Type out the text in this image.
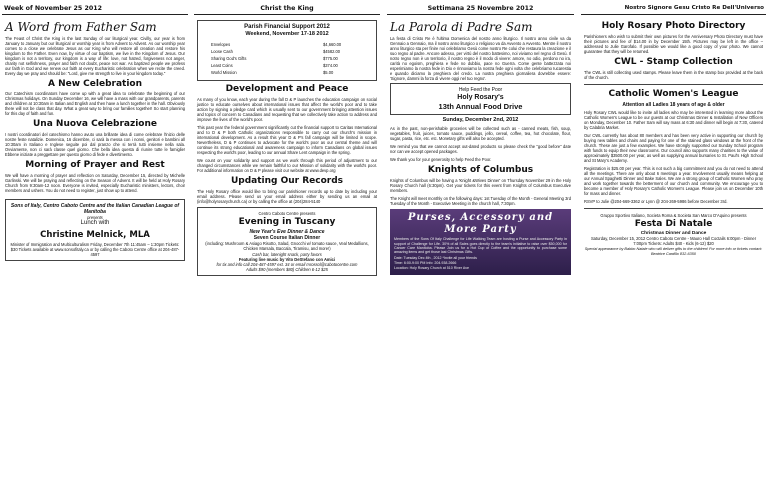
Week of November 25 2012
A Word from Father Sam

The Feast of Christ the King is the last Sunday of our liturgical year. Civilly, our year is from January to January but our liturgical or worship year is from Advent to Advent. As our worship year comes to a close we celebrate Jesus as our King who will restore all creation and restore his kingdom to the Father. Even now, by virtue of our baptism, we live in the Kingdom of Jesus. Our kingdom is not a territory, our kingdom is a way of life: love, not hatred, forgiveness not anger, charity not selfishness, prayer and faith not doubt, peace not war. As baptized people we profess our faith in God and we renew our faith at every Eucharistic celebration when we recite the creed. Every day we pray and should be: "Lord, give me strength to live in your kingdom today."

A New Celebration

Our Catechism coordinators have come up with a great idea to celebrate the beginning of our Christmas holidays. On Sunday December 16, we will have a mass with our grandparents, parents and children at 10:30am in Italian and English and then have a lunch together in the hall. Obviously there will not be class that day. What a great way to bring our families together! So start planning for this day of faith and fun.

Una Nuova Celebrazione

I nostri coordinatori del catechismo hanno avuto una brillante idea di come celebrare l'inizio delle nostre feste natalizie. Domenica, 16 dicembre, ci sarà la messa con i nonni, genitori e bambini all 10:30am in Italiano e Inglese seguite poi dal pranzo che si terrà tutti insieme nella sala. Ovviamente, non ci sarà classe quel giorno. Che bella idea questa di riunire tutte le famiglie! Ebbene iniziate a preggettare per questo giorno di fede e divertimento.

Morning of Prayer and Rest

We will have a morning of prayer and reflection on Saturday, December 15, directed by Michelle Garlinski. We will be praying and reflecting on the Season of Advent. It will be held at Holy Rosary Church from 9:30am-12 noon. Everyone is invited, especially Eucharistic ministers, lectors, choir members and ushers. You do not need to register, just show up to attend.

Sons of Italy, Centro Caboto Centre and the Italian Canadian League of Manitoba
presents
Lunch with
Christine Melnick, MLA
Minister of Immigration and Multiculturalism Friday, December 7th 11:45am – 1:30pm Tickets: $30 Tickets available at www.sonsofitaly.ca or by calling the Caboto Centre office at 204-487-4597
Christ the King
Parish Financial Support 2012
Weekend, November 17-18 2012
Envelopes	$4,660.00
Loose Cash	$4582.00
Sharing God's Gifts	$775.00
Least Coins	$374.00
World Mission	$5.00
Development and Peace

As many of you know, each year during the fall D & P launches the education campaign on social justice to educate ourselves about international issues that affect the world's poor and to take action by signing a pledge card which is usually sent to our government bringing attention issues and topics of concern to Canadians and requesting that we collectively take action to address and improve the lives of the world's poor.

This past year the federal government significantly cut the financial support to Caritas International and to D & P both Catholic organizations responsible to carry out our church's mission in international development. As a result this year D & P's fall campaign will be limited in scope. Nevertheless, D & P continues to advocate for the world's poor as our central theme and will continue its strong educational and awareness campaign to inform Canadians on global issues respecting the world's poor, leading to our annual Share Lent campaign in the spring.

We count on your solidarity and support as we work through this period of adjustment to our changed circumstances while we remain faithful to our Mission of solidarity with the world's poor. For additional information on D & P please visit our website at www.devp.org

Updating Our Records

The Holy Rosary office would like to bring our parishioner records up to date by including your email address. Please send us your email address either by sending us an email at (info@holyrosarychurch.ca) or by calling the office at (204)284-5140

Centro Caboto Centre presents
Evening in Tuscany
New Year's Eve Dinner & Dance
Seven Course Italian Dinner
(including: Mushroom & Asiago Risotto, Salad, Gnocchi w/ tomato sauce, Veal Medallions, Chicken Marsala, Baccala, Tiramisu, and more!)
Cash bar, latenight snack, party favors
Featuring live music by Vito DeStefano con Amici
for tix and info call 204-487-4597 ext. 34 or email mrossol@cabotocentre.com
Adults $90 (members $80) Children 6-12 $25
Settimana 25 Novembre 2012
La Parola di Padre Sam

La festa di Cristo Re è l'ultima Domenica del nostro anno liturgico. Il nostro anno civile va da Gennaio a Gennaio, ma il nostro anno liturgico o religioso va da Avvento a Avvento. Mentre il nostro anno liturgico sta per finire noi celebriamo Gesù come nostro Re colui che restaura la creazione e il suo regno al padre. Ancore adesso, per virtù del nostro battesimo, noi viviamo nel regno di Gesù. Il notro regno non è un territorio, il nostro regno è il modo di vivere: amore, no odio, perdono no ira, carità no egoism, preghiera e fede no dubbio, pace no Guerra. Come gente battezzata noi esperimiamo la nostra fede in Dio e rinnoviamo la nostra fede ogni volta che celebriamo Iucarestia e quando diciamo la preghiera del credo. La nostra preghiera giornaliera dovrebbe essere: 'Signore, dammi la forza di vivere oggi nel tuo regno'.

Help Feed the Poor
Holy Rosary's
13th Annual Food Drive
Sunday, December 2nd, 2012

As in the past, non-perishable groceries will be collected such as - canned meats, fish, soup, vegetables, fruit, juices, tomato sauce, puddings, jello, cereal, coffee, tea, hot chocolate, flour, sugar, pasta, rice, etc. etc. Monetary gifts will also be accepted.

We remind you that we cannot accept out-dated products so please check the "good before" date nor can we accept opened packages.

We thank you for your generosity to help Feed the Poor.

Knights of Columbus

Knights of Columbus will be having a 'Knight &Wives Dinner' on Thursday November 29 in the Holy Rosary Church hall (6:30pm). Get your tickets for this event from Knights of Columbus Executive members.

The Knight will meet monthly on the following days: 1st Tuesday of the Month - General Meeting 3rd Tuesday of the Month - Executive Meeting in the church hall, 7:30pm.

Purses, Accessory and More Party

Members of the Sons Of Italy Challenge for Life Walking Team are hosting a Purse and Accessory Party in support of Challenge for Life. 30% of all Sales goes directly to the team's initiative to raise over $50,000 for Cancer Care Manitoba. Please Join us for a Hot Cup of Coffee and the opportunity to purchase some amazing items and get those last Christmas Gifts.

Date: Tuesday Dec 4th , 2012 *Invite all your friends

Time: 6:00-9:00 PM Info: 204.938.2666

Location: Holy Rosary Church at 510 River Ave

Nostro Signore Gesu Cristo Re Dell'Universo
Holy Rosary Photo Directory

Parishioners who wish to submit their own pictures for the Anniversary Photo Directory must have their pictures and fee of $14.00 in by December 15th. Pictures may be left in the office – addressed to Julie Garofalo. If possible we would like a good copy of your photo. We cannot guarantee that they will be returned.

CWL - Stamp Collection

The CWL is still collecting used stamps. Please leave them in the stamp box provided at the back of the church.

Catholic Women's League
Attention all Ladies 18 years of age & older

Holy Rosary CWL would like to invite all ladies who may be interested in learning more about the Catholic Women's League to be our guests at our Christmas Dinner & Installation of New Officers on Monday, December 10. Father Sam will say mass at 6:30 and dinner will begin at 7:30, catered by Calabria Market.

Our CWL currently has about 80 members and has been very active in supporting our church by buying new tables and chairs and paying for one of the stained glass windows at the front of the church. These are just a few examples. We have strongly supported our Sunday School program with funds to equip their new classrooms. Our council also supports many charities to the value of approximately $3500.00 per year, as well as supplying annual bursaries to St. Paul's High School and St Mary's Academy.

Registration is $25.00 per year. This is not such a big commitment and you do not need to attend all the meetings. There are only about 6 meetings a year. Involvement usually means helping at our Annual Spaghetti Dinner and Bake Sales. We are a strong group of Catholic Women who pray and work together towards the betterment of our church and community. We encourage you to become a member of Holy Rosary's Catholic Women's League. Please join us on December 10th for mass and dinner.

RSVP to Julie @204-669-3362 or Lynn @ 204-269-5986 before December 3rd.

Gruppo Sportivo Italiano, Societa Roma & Societa San Marco D'Aquino presents
Festa Di Natale
Christmas Dinner and Dance
Saturday, December 15, 2012 Centro Caboto Centre - Mauro Hall Coctails 6:00pm - Dinner 7:00pm Tickets: Adults $40 - Kids (6-12) $20
Special appearance by Babbo Natale who will deliver gifts to the children! For more info or tickets contact: Beatrice Cardillo 832-6350
